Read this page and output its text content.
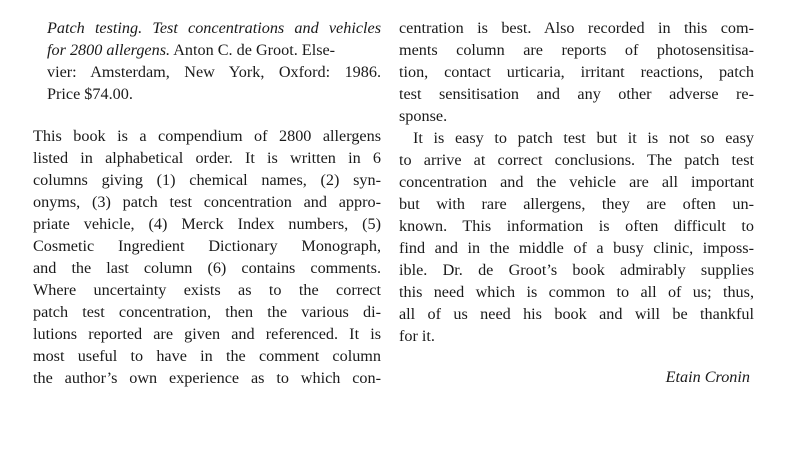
Patch testing. Test concentrations and vehicles
for 2800 allergens. Anton C. de Groot. Else-
vier: Amsterdam, New York, Oxford: 1986.
Price $74.00.
This book is a compendium of 2800 allergens
listed in alphabetical order. It is written in 6
columns giving (1) chemical names, (2) syn-
onyms, (3) patch test concentration and appro-
priate vehicle, (4) Merck Index numbers, (5)
Cosmetic Ingredient Dictionary Monograph,
and the last column (6) contains comments.
Where uncertainty exists as to the correct
patch test concentration, then the various di-
lutions reported are given and referenced. It is
most useful to have in the comment column
the author’s own experience as to which con-
centration is best. Also recorded in this com-
ments column are reports of photosensitisa-
tion, contact urticaria, irritant reactions, patch
test sensitisation and any other adverse re-
sponse.
It is easy to patch test but it is not so easy
to arrive at correct conclusions. The patch test
concentration and the vehicle are all important
but with rare allergens, they are often un-
known. This information is often difficult to
find and in the middle of a busy clinic, imposs-
ible. Dr. de Groot’s book admirably supplies
this need which is common to all of us; thus,
all of us need his book and will be thankful
for it.
Etain Cronin
